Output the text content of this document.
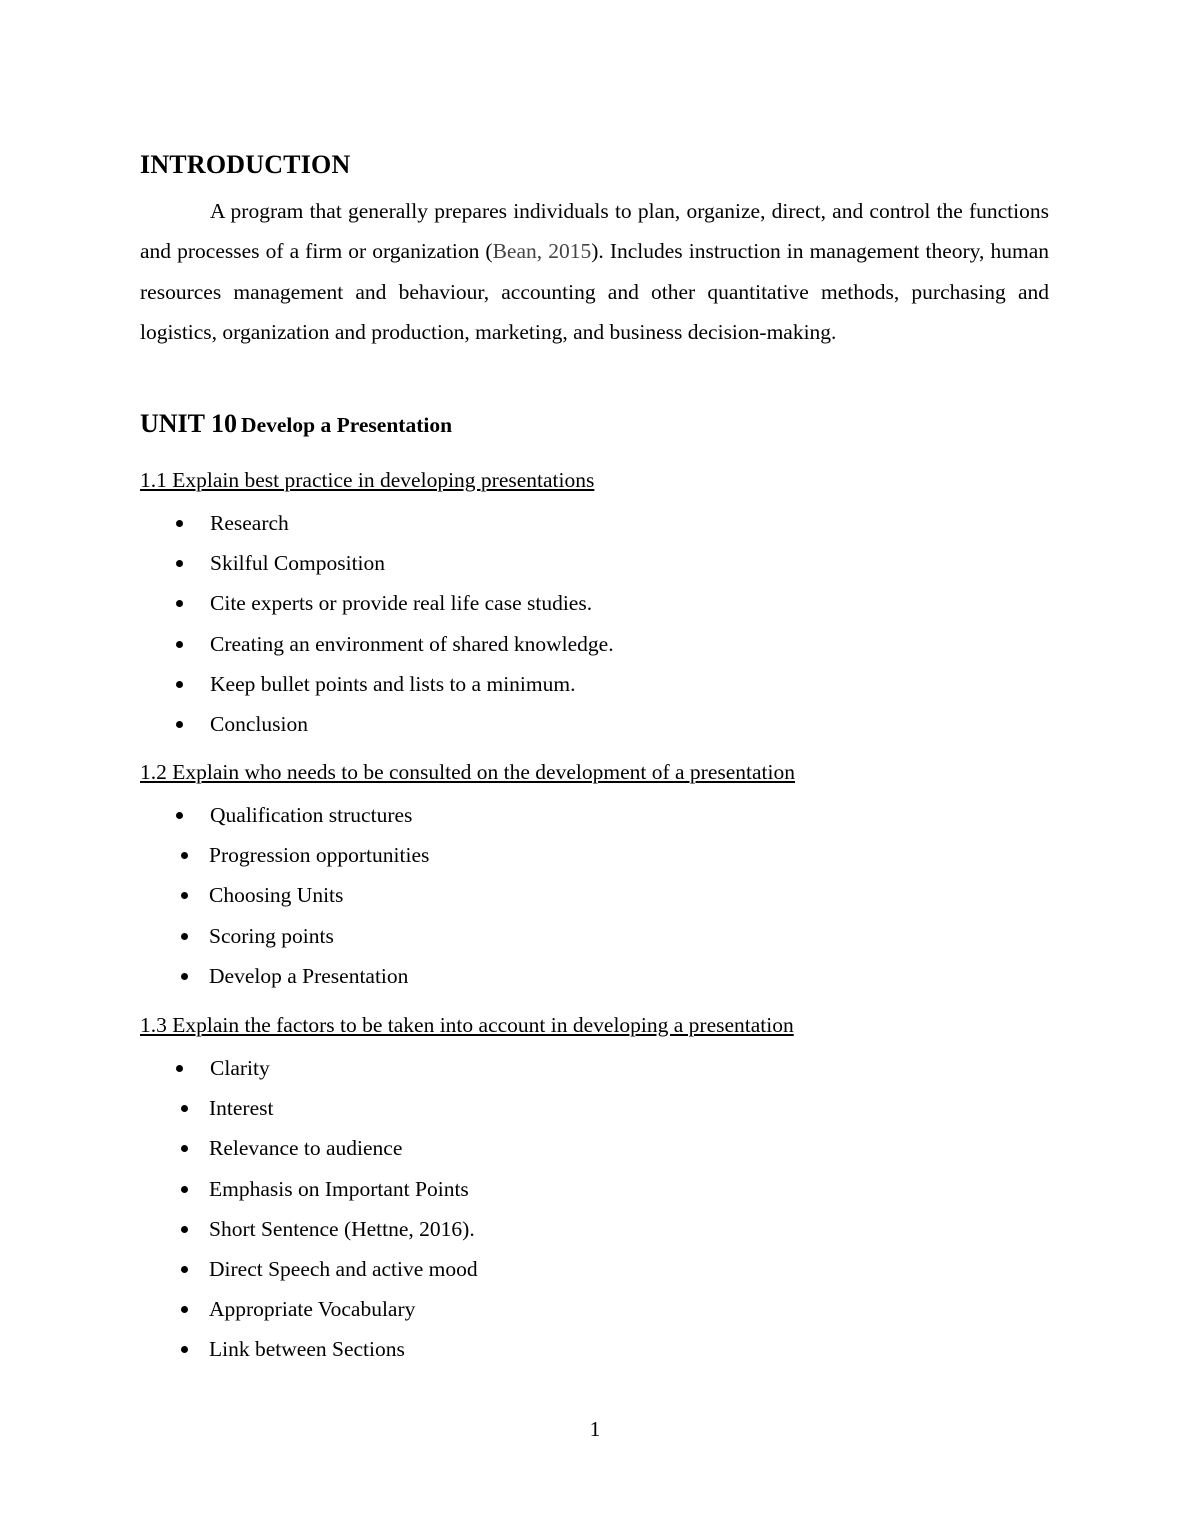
INTRODUCTION

A program that generally prepares individuals to plan, organize, direct, and control the functions and processes of a firm or organization (Bean, 2015). Includes instruction in management theory, human resources management and behaviour, accounting and other quantitative methods, purchasing and logistics, organization and production, marketing, and business decision-making.

UNIT 10 Develop a Presentation
1.1 Explain best practice in developing presentations
Research
Skilful Composition
Cite experts or provide real life case studies.
Creating an environment of shared knowledge.
Keep bullet points and lists to a minimum.
Conclusion
1.2 Explain who needs to be consulted on the development of a presentation
Qualification structures
Progression opportunities
Choosing Units
Scoring points
Develop a Presentation
1.3 Explain the factors to be taken into account in developing a presentation
Clarity
Interest
Relevance to audience
Emphasis on Important Points
Short Sentence (Hettne, 2016).
Direct Speech and active mood
Appropriate Vocabulary
Link between Sections
1
